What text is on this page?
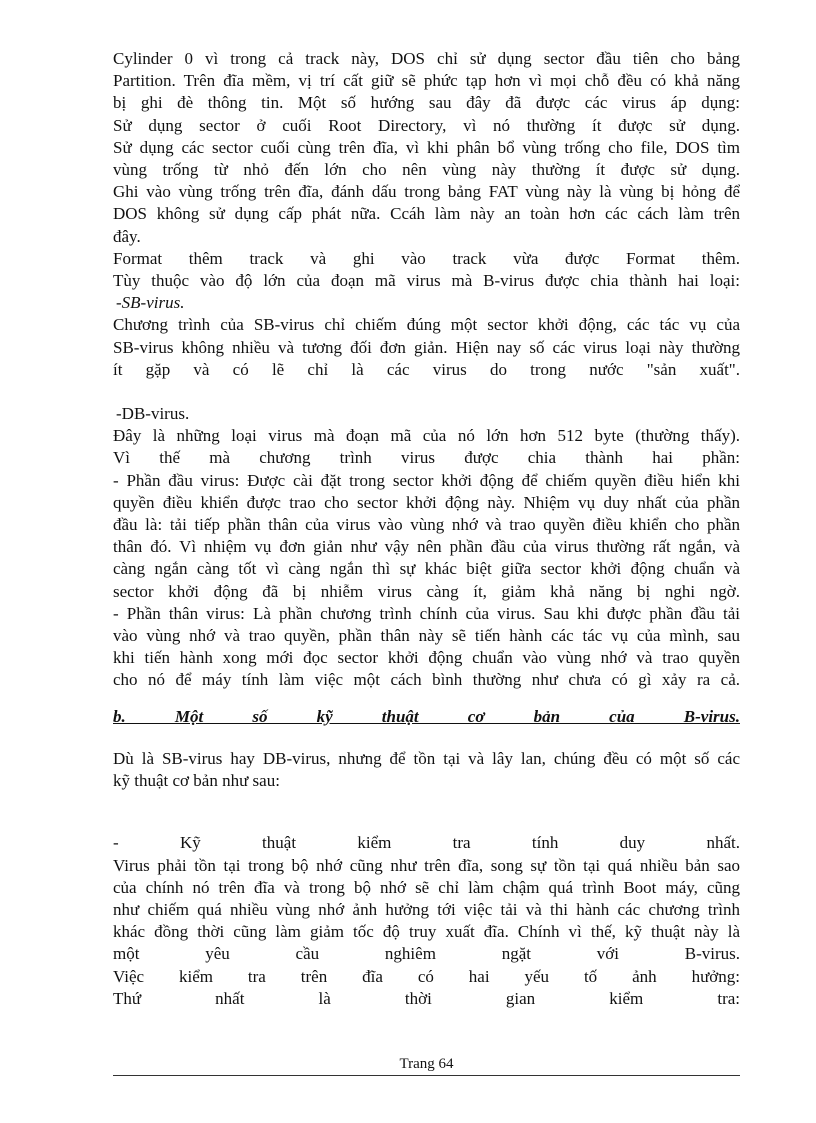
Cylinder 0 vì trong cả track này, DOS chỉ sử dụng sector đầu tiên cho bảng
Partition. Trên đĩa mềm, vị trí cất giữ sẽ phức tạp hơn vì mọi chỗ đều có khả năng
bị ghi đè thông tin. Một số hướng sau đây đã được các virus áp dụng:
Sử dụng sector ở cuối Root Directory, vì nó thường ít được sử dụng.
Sử dụng các sector cuối cùng trên đĩa, vì khi phân bổ vùng trống cho file, DOS tìm
vùng trống từ nhỏ đến lớn cho nên vùng này thường ít được sử dụng.
Ghi vào vùng trống trên đĩa, đánh dấu trong bảng FAT vùng này là vùng bị hỏng để
DOS không sử dụng cấp phát nữa. Ccáh làm này an toàn hơn các cách làm trên
đây.
Format thêm track và ghi vào track vừa được Format thêm.
Tùy thuộc vào độ lớn của đoạn mã virus mà B-virus được chia thành hai loại:
-SB-virus.
Chương trình của SB-virus chỉ chiếm đúng một sector khởi động, các tác vụ của
SB-virus không nhiều và tương đối đơn giản. Hiện nay số các virus loại này thường
ít gặp và có lẽ chỉ là các virus do trong nước "sản xuất".
-DB-virus.
Đây là những loại virus mà đoạn mã của nó lớn hơn 512 byte (thường thấy).
Vì thế mà chương trình virus được chia thành hai phần:
- Phần đầu virus: Được cài đặt trong sector khởi động để chiếm quyền điều hiển khi
quyền điều khiển được trao cho sector khởi động này. Nhiệm vụ duy nhất của phần
đầu là: tải tiếp phần thân của virus vào vùng nhớ và trao quyền điều khiển cho phần
thân đó. Vì nhiệm vụ đơn giản như vậy nên phần đầu của virus thường rất ngắn, và
càng ngắn càng tốt vì càng ngắn thì sự khác biệt giữa sector khởi động chuẩn và
sector khởi động đã bị nhiễm virus càng ít, giảm khả năng bị nghi ngờ.
- Phần thân virus: Là phần chương trình chính của virus. Sau khi được phần đầu tải
vào vùng nhớ và trao quyền, phần thân này sẽ tiến hành các tác vụ của mình, sau
khi tiến hành xong mới đọc sector khởi động chuẩn vào vùng nhớ và trao quyền
cho nó để máy tính làm việc một cách bình thường như chưa có gì xảy ra cả.
b. Một số kỹ thuật cơ bản của B-virus.
Dù là SB-virus hay DB-virus, nhưng để tồn tại và lây lan, chúng đều có một số các
kỹ thuật cơ bản như sau:
- Kỹ thuật kiểm tra tính duy nhất.
Virus phải tồn tại trong bộ nhớ cũng như trên đĩa, song sự tồn tại quá nhiều bản sao
của chính nó trên đĩa và trong bộ nhớ sẽ chỉ làm chậm quá trình Boot máy, cũng
như chiếm quá nhiều vùng nhớ ảnh hưởng tới việc tải và thi hành các chương trình
khác đồng thời cũng làm giảm tốc độ truy xuất đĩa. Chính vì thế, kỹ thuật này là
một yêu cầu nghiêm ngặt với B-virus.
Việc kiểm tra trên đĩa có hai yếu tố ảnh hưởng:
Thứ nhất là thời gian kiểm tra:
Trang 64
